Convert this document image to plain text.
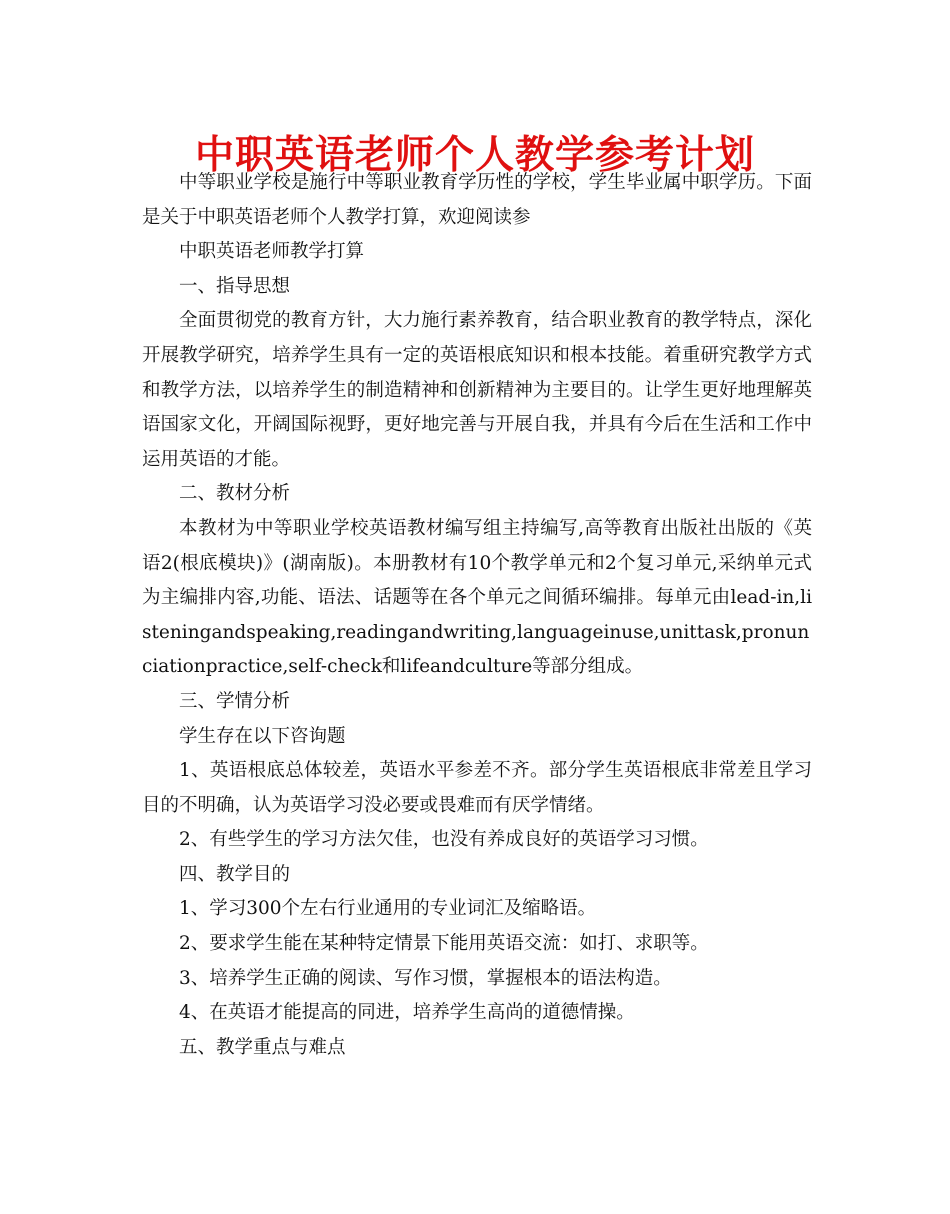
中职英语老师个人教学参考计划

中等职业学校是施行中等职业教育学历性的学校，学生毕业属中职学历。下面是关于中职英语老师个人教学打算，欢迎阅读参

中职英语老师教学打算

一、指导思想

全面贯彻党的教育方针，大力施行素养教育，结合职业教育的教学特点，深化开展教学研究，培养学生具有一定的英语根底知识和根本技能。着重研究教学方式和教学方法，以培养学生的制造精神和创新精神为主要目的。让学生更好地理解英语国家文化，开阔国际视野，更好地完善与开展自我，并具有今后在生活和工作中运用英语的才能。

二、教材分析

本教材为中等职业学校英语教材编写组主持编写,高等教育出版社出版的《英语2(根底模块)》(湖南版)。本册教材有10个教学单元和2个复习单元,采纳单元式为主编排内容,功能、语法、话题等在各个单元之间循环编排。每单元由lead-in,listeningandspeaking,readingandwriting,languageinuse,unittask,pronunciationpractice,self-check和lifeandculture等部分组成。

三、学情分析

学生存在以下咨询题

1、英语根底总体较差，英语水平参差不齐。部分学生英语根底非常差且学习目的不明确，认为英语学习没必要或畏难而有厌学情绪。

2、有些学生的学习方法欠佳，也没有养成良好的英语学习习惯。

四、教学目的

1、学习300个左右行业通用的专业词汇及缩略语。

2、要求学生能在某种特定情景下能用英语交流：如打、求职等。

3、培养学生正确的阅读、写作习惯，掌握根本的语法构造。

4、在英语才能提高的同进，培养学生高尚的道德情操。

五、教学重点与难点
